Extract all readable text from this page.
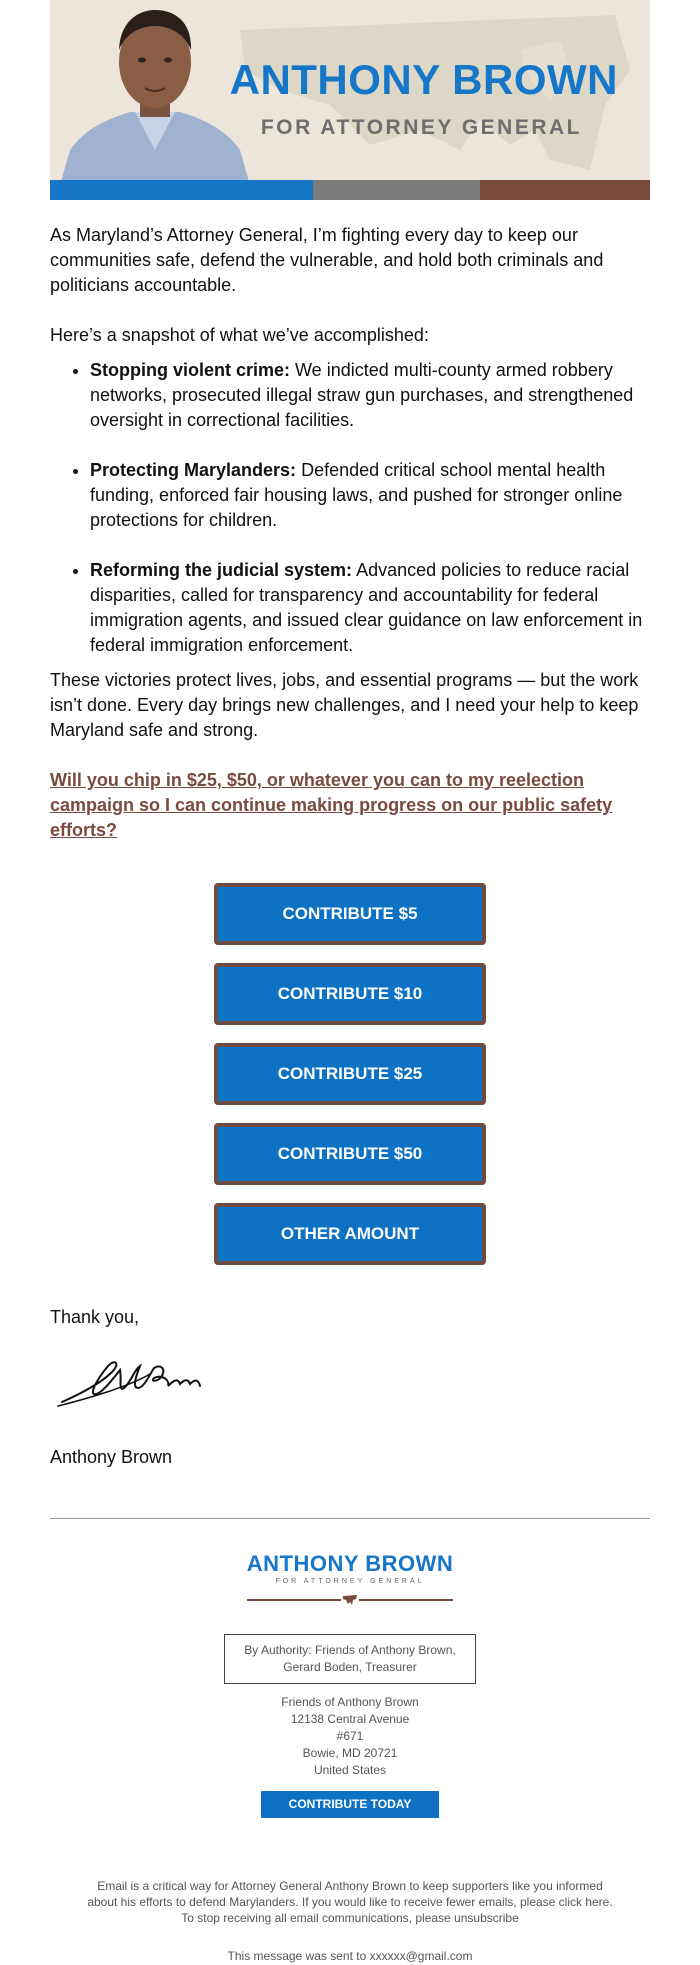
ANTHONY BROWN
FOR ATTORNEY GENERAL

As Maryland’s Attorney General, I’m fighting every day to keep our communities safe, defend the vulnerable, and hold both criminals and politicians accountable.

Here’s a snapshot of what we’ve accomplished:

• Stopping violent crime: We indicted multi-county armed robbery networks, prosecuted illegal straw gun purchases, and strengthened oversight in correctional facilities.
• Protecting Marylanders: Defended critical school mental health funding, enforced fair housing laws, and pushed for stronger online protections for children.
• Reforming the judicial system: Advanced policies to reduce racial disparities, called for transparency and accountability for federal immigration agents, and issued clear guidance on law enforcement in federal immigration enforcement.

These victories protect lives, jobs, and essential programs — but the work isn’t done. Every day brings new challenges, and I need your help to keep Maryland safe and strong.

Will you chip in $25, $50, or whatever you can to my reelection campaign so I can continue making progress on our public safety efforts?
CONTRIBUTE $5
CONTRIBUTE $10
CONTRIBUTE $25
CONTRIBUTE $50
OTHER AMOUNT

Thank you,

Anthony Brown

ANTHONY BROWN
FOR ATTORNEY GENERAL
By Authority: Friends of Anthony Brown,
Gerard Boden, Treasurer
Friends of Anthony Brown
12138 Central Avenue
#671
Bowie, MD 20721
United States
CONTRIBUTE TODAY
Email is a critical way for Attorney General Anthony Brown to keep supporters like you informed
about his efforts to defend Marylanders. If you would like to receive fewer emails, please click here.
To stop receiving all email communications, please unsubscribe
This message was sent to xxxxxx@gmail.com
